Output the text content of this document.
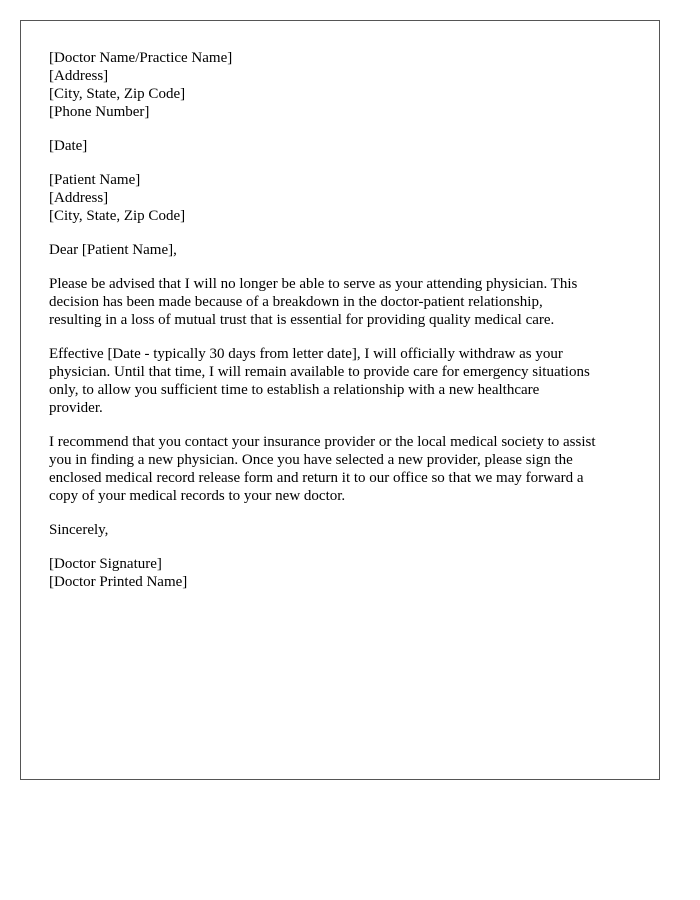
[Doctor Name/Practice Name]
[Address]
[City, State, Zip Code]
[Phone Number]
[Date]
[Patient Name]
[Address]
[City, State, Zip Code]
Dear [Patient Name],
Please be advised that I will no longer be able to serve as your attending physician. This
decision has been made because of a breakdown in the doctor-patient relationship,
resulting in a loss of mutual trust that is essential for providing quality medical care.
Effective [Date - typically 30 days from letter date], I will officially withdraw as your
physician. Until that time, I will remain available to provide care for emergency situations
only, to allow you sufficient time to establish a relationship with a new healthcare
provider.
I recommend that you contact your insurance provider or the local medical society to assist
you in finding a new physician. Once you have selected a new provider, please sign the
enclosed medical record release form and return it to our office so that we may forward a
copy of your medical records to your new doctor.
Sincerely,
[Doctor Signature]
[Doctor Printed Name]
